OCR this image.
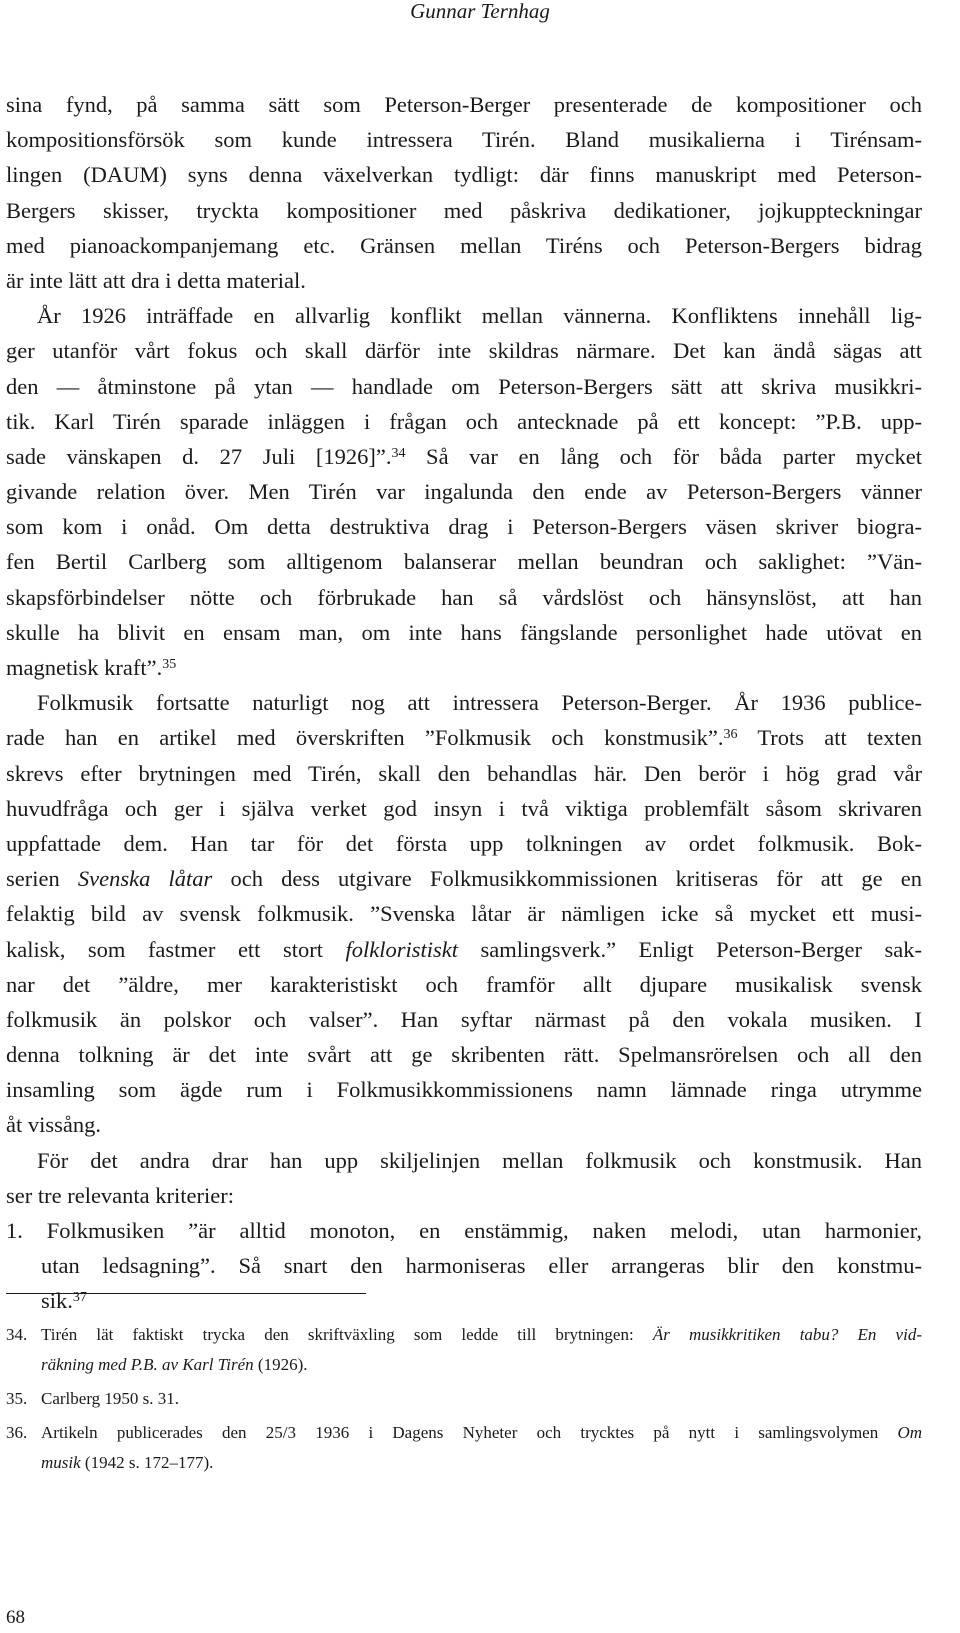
Gunnar Ternhag
sina fynd, på samma sätt som Peterson-Berger presenterade de kompositioner och
kompositionsförsök som kunde intressera Tirén. Bland musikalierna i Tirénsam-
lingen (DAUM) syns denna växelverkan tydligt: där finns manuskript med Peterson-
Bergers skisser, tryckta kompositioner med påskriva dedikationer, jojkuppteckningar
med pianoackompanjemang etc. Gränsen mellan Tiréns och Peterson-Bergers bidrag
är inte lätt att dra i detta material.
År 1926 inträffade en allvarlig konflikt mellan vännerna. Konfliktens innehåll lig-
ger utanför vårt fokus och skall därför inte skildras närmare. Det kan ändå sägas att
den — åtminstone på ytan — handlade om Peterson-Bergers sätt att skriva musikkri-
tik. Karl Tirén sparade inläggen i frågan och antecknade på ett koncept: ”P.B. upp-
sade vänskapen d. 27 Juli [1926]”.$^{34}$ Så var en lång och för båda parter mycket
givande relation över. Men Tirén var ingalunda den ende av Peterson-Bergers vänner
som kom i onåd. Om detta destruktiva drag i Peterson-Bergers väsen skriver biogra-
fen Bertil Carlberg som alltigenom balanserar mellan beundran och saklighet: ”Vän-
skapsförbindelser nötte och förbrukade han så vårdslöst och hänsynslöst, att han
skulle ha blivit en ensam man, om inte hans fängslande personlighet hade utövat en
magnetisk kraft”.$^{35}$
Folkmusik fortsatte naturligt nog att intressera Peterson-Berger. År 1936 publice-
rade han en artikel med överskriften ”Folkmusik och konstmusik”.$^{36}$ Trots att texten
skrevs efter brytningen med Tirén, skall den behandlas här. Den berör i hög grad vår
huvudfråga och ger i själva verket god insyn i två viktiga problemfält såsom skrivaren
uppfattade dem. Han tar för det första upp tolkningen av ordet folkmusik. Bok-
serien Svenska låtar och dess utgivare Folkmusikkommissionen kritiseras för att ge en
felaktig bild av svensk folkmusik. ”Svenska låtar är nämligen icke så mycket ett musi-
kalisk, som fastmer ett stort folkloristiskt samlingsverk.” Enligt Peterson-Berger sak-
nar det ”äldre, mer karakteristiskt och framför allt djupare musikalisk svensk
folkmusik än polskor och valser”. Han syftar närmast på den vokala musiken. I
denna tolkning är det inte svårt att ge skribenten rätt. Spelmansrörelsen och all den
insamling som ägde rum i Folkmusikkommissionens namn lämnade ringa utrymme
åt vissång.
För det andra drar han upp skiljelinjen mellan folkmusik och konstmusik. Han
ser tre relevanta kriterier:
1. Folkmusiken ”är alltid monoton, en enstämmig, naken melodi, utan harmonier,
utan ledsagning”. Så snart den harmoniseras eller arrangeras blir den konstmu-
sik.$^{37}$
34. Tirén lät faktiskt trycka den skriftväxling som ledde till brytningen: Är musikkritiken tabu? En vid-
räkning med P.B. av Karl Tirén (1926).
35. Carlberg 1950 s. 31.
36. Artikeln publicerades den 25/3 1936 i Dagens Nyheter och trycktes på nytt i samlingsvolymen Om
musik (1942 s. 172–177).
68
